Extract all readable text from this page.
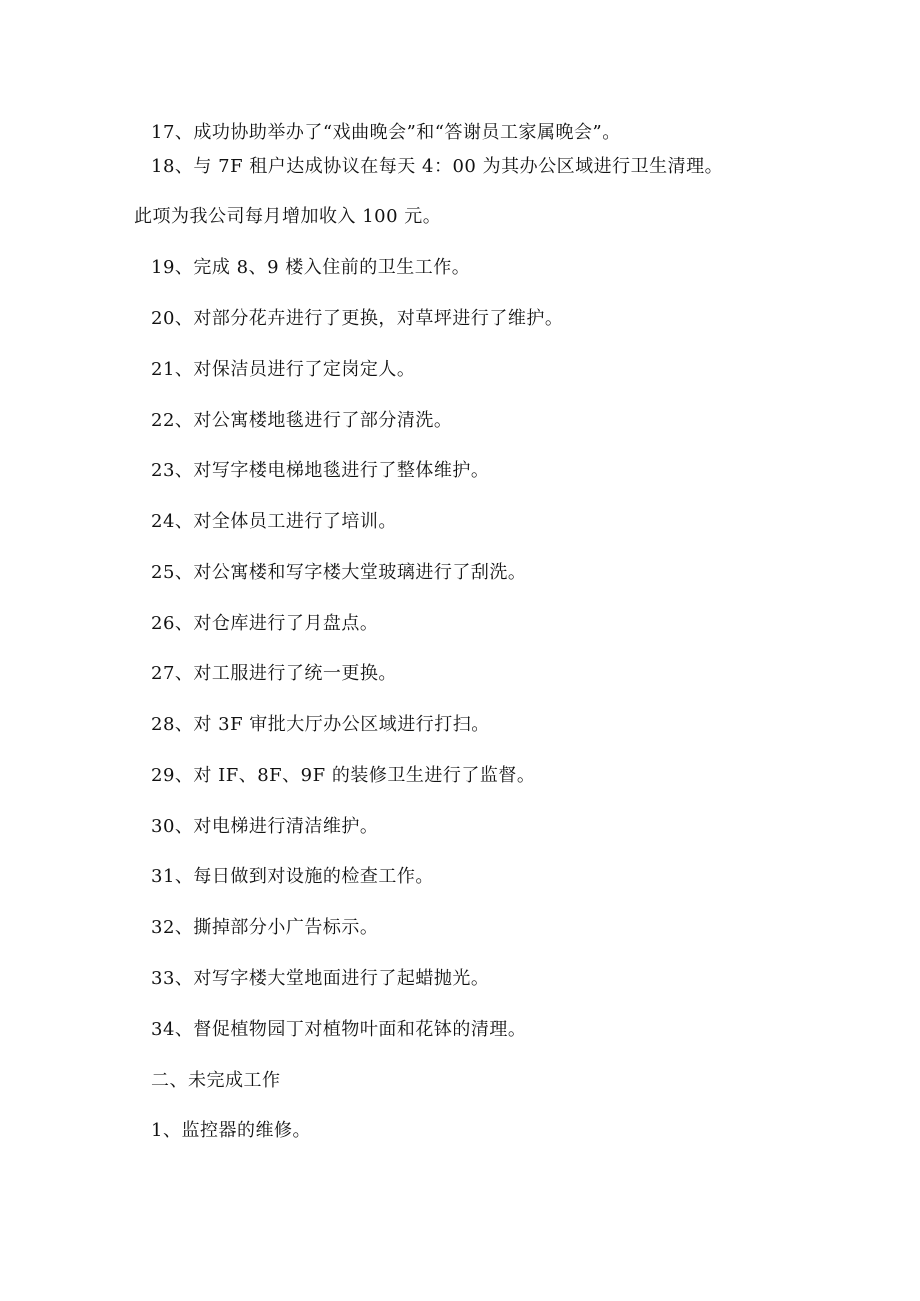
17、成功协助举办了“戏曲晚会”和“答谢员工家属晚会”。
18、与 7F 租户达成协议在每天 4：00 为其办公区域进行卫生清理。
此项为我公司每月增加收入 100 元。
19、完成 8、9 楼入住前的卫生工作。
20、对部分花卉进行了更换，对草坪进行了维护。
21、对保洁员进行了定岗定人。
22、对公寓楼地毯进行了部分清洗。
23、对写字楼电梯地毯进行了整体维护。
24、对全体员工进行了培训。
25、对公寓楼和写字楼大堂玻璃进行了刮洗。
26、对仓库进行了月盘点。
27、对工服进行了统一更换。
28、对 3F 审批大厅办公区域进行打扫。
29、对 IF、8F、9F 的装修卫生进行了监督。
30、对电梯进行清洁维护。
31、每日做到对设施的检查工作。
32、撕掉部分小广告标示。
33、对写字楼大堂地面进行了起蜡抛光。
34、督促植物园丁对植物叶面和花钵的清理。
二、未完成工作
1、监控器的维修。
